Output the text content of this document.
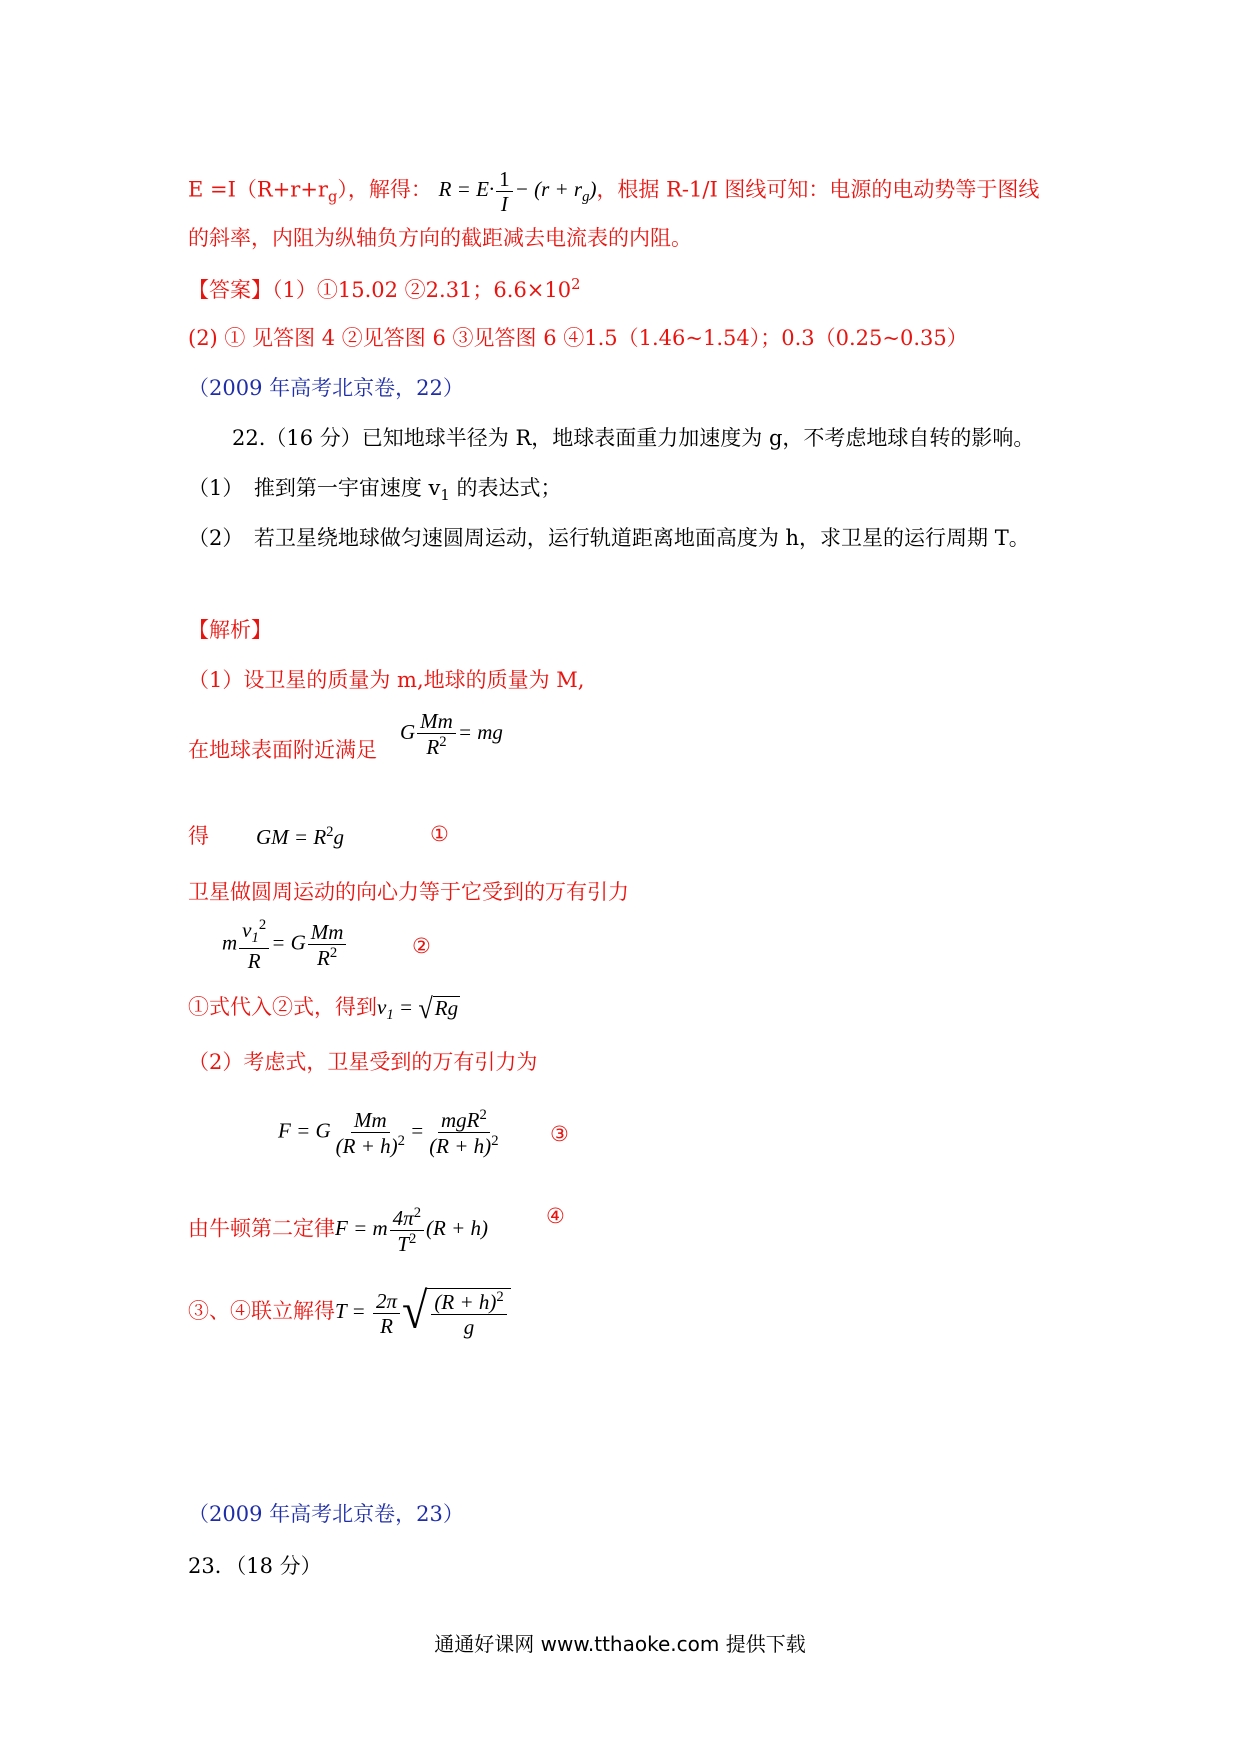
$E =I(R+r+r_g)$，解得： $R = E\cdot \frac{1}{I} - (r + r_g)$，根据 R-1/I 图线可知：电源的电动势等于图线
的斜率，内阻为纵轴负方向的截距减去电流表的内阻。
【答案】（1）①15.02 ②2.31；$6.6\times 10^2$
(2) ① 见答图 4 ②见答图 6 ③见答图 6 ④1.5（1.46~1.54）；0.3（0.25~0.35）
（2009 年高考北京卷，22）
22.（16 分）已知地球半径为 R，地球表面重力加速度为 g，不考虑地球自转的影响。
（1）　推到第一宇宙速度 $v_1$ 的表达式；
（2）　若卫星绕地球做匀速圆周运动，运行轨道距离地面高度为 h，求卫星的运行周期 T。
【解析】
（1）设卫星的质量为 m,地球的质量为 M,
在地球表面附近满足
G $\frac{Mm}{R^2}$ = mg
得 GM = $R^2g$	①
卫星做圆周运动的向心力等于它受到的万有引力
m $\frac{v_1^2}{R} = G \frac{Mm}{R^2}$	②
①式代入②式，得到$v_1$ = √ Rg
（2）考虑式，卫星受到的万有引力为
F = G $\frac{Mm}{(R + h)^2} = \frac{mgR^2}{(R + h)^2}$ ③
由牛顿第二定律F = m $\frac{4\pi^2}{T^2} (R + h)$
④
③、④联立解得$T = \frac{2\pi}{R}$ √ $\frac{(R + h)^2}{g}$
（2009 年高考北京卷，23）
23．（18 分）
通通好课网 www.tthaoke.com 提供下载
